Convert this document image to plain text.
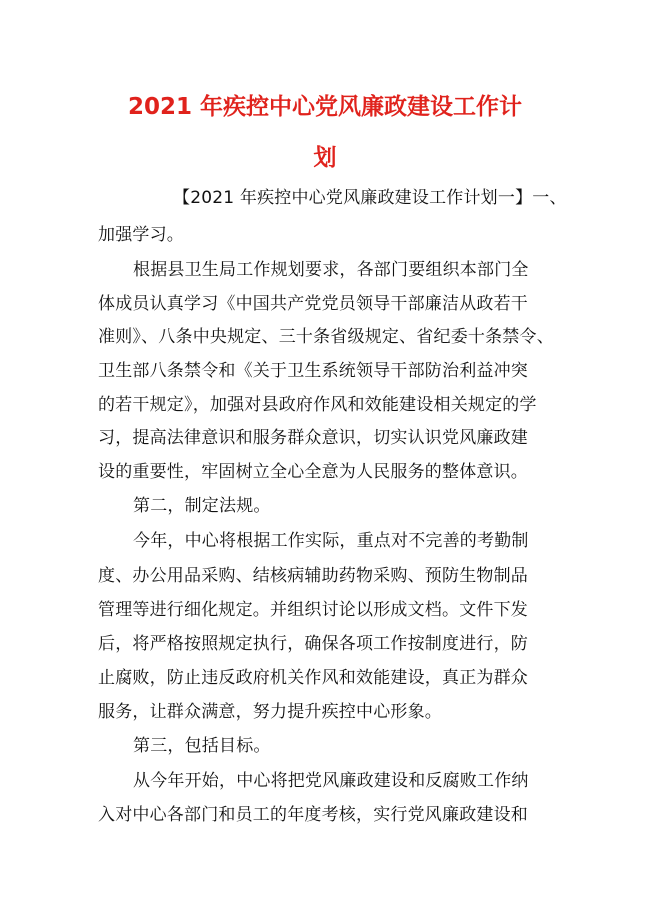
2021 年疾控中心党风廉政建设工作计
划
【2021 年疾控中心党风廉政建设工作计划一】一、
加强学习。
根据县卫生局工作规划要求，各部门要组织本部门全
体成员认真学习《中国共产党党员领导干部廉洁从政若干
准则》、八条中央规定、三十条省级规定、省纪委十条禁令、
卫生部八条禁令和《关于卫生系统领导干部防治利益冲突
的若干规定》，加强对县政府作风和效能建设相关规定的学
习，提高法律意识和服务群众意识，切实认识党风廉政建
设的重要性，牢固树立全心全意为人民服务的整体意识。
第二，制定法规。
今年，中心将根据工作实际，重点对不完善的考勤制
度、办公用品采购、结核病辅助药物采购、预防生物制品
管理等进行细化规定。并组织讨论以形成文档。文件下发
后，将严格按照规定执行，确保各项工作按制度进行，防
止腐败，防止违反政府机关作风和效能建设，真正为群众
服务，让群众满意，努力提升疾控中心形象。
第三，包括目标。
从今年开始，中心将把党风廉政建设和反腐败工作纳
入对中心各部门和员工的年度考核，实行党风廉政建设和
